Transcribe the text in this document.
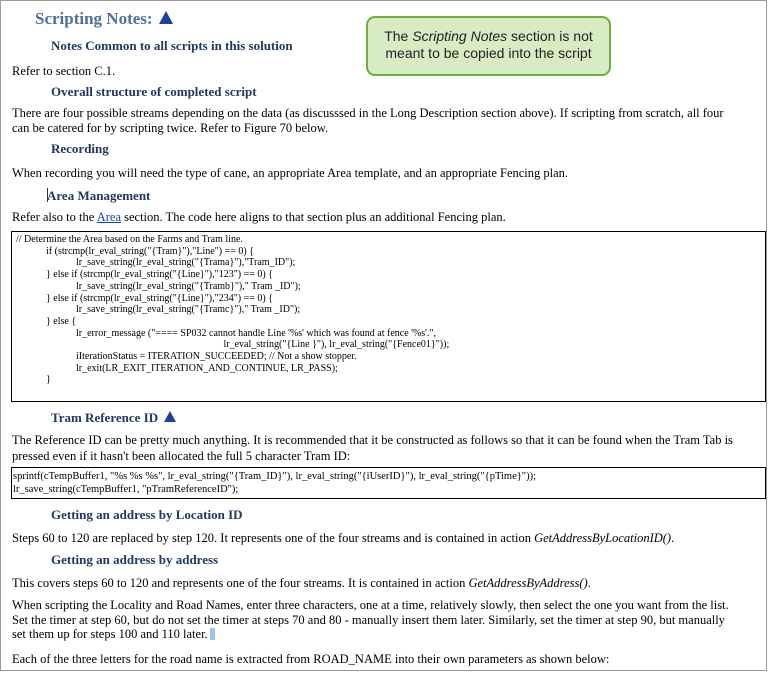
Scripting Notes:
The Scripting Notes section is not meant to be copied into the script
Notes Common to all scripts in this solution
Refer to section C.1.
Overall structure of completed script
There are four possible streams depending on the data (as discusssed in the Long Description section above). If scripting from scratch, all four
can be catered for by scripting twice. Refer to Figure 70 below.
Recording
When recording you will need the type of cane, an appropriate Area template, and an appropriate Fencing plan.
Area Management
Refer also to the Area section. The code here aligns to that section plus an additional Fencing plan.
// Determine the Area based on the Farms and Tram line.
if (strcmp(lr_eval_string("{Tram}"),"Line") == 0) {
lr_save_string(lr_eval_string("{Trama}"),"Tram_ID");
} else if (strcmp(lr_eval_string("{Line}"),"123") == 0) {
lr_save_string(lr_eval_string("{Tramb}")," Tram _ID");
} else if (strcmp(lr_eval_string("{Line}"),"234") == 0) {
lr_save_string(lr_eval_string("{Tramc}")," Tram _ID");
} else {
lr_error_message ("==== SP032 cannot handle Line '%s' which was found at fence '%s'.",
lr_eval_string("{Line }"), lr_eval_string("{Fence01}"));
iIterationStatus = ITERATION_SUCCEEDED; // Not a show stopper.
lr_exit(LR_EXIT_ITERATION_AND_CONTINUE, LR_PASS);
}
Tram Reference ID
The Reference ID can be pretty much anything. It is recommended that it be constructed as follows so that it can be found when the Tram Tab is
pressed even if it hasn't been allocated the full 5 character Tram ID:
sprintf(cTempBuffer1, "%s %s %s", lr_eval_string("{Tram_ID}"), lr_eval_string("{iUserID}"), lr_eval_string("{pTime}"));
lr_save_string(cTempBuffer1, "pTramReferenceID");
Getting an address by Location ID
Steps 60 to 120 are replaced by step 120. It represents one of the four streams and is contained in action GetAddressByLocationID().
Getting an address by address
This covers steps 60 to 120 and represents one of the four streams. It is contained in action GetAddressByAddress().
When scripting the Locality and Road Names, enter three characters, one at a time, relatively slowly, then select the one you want from the list.
Set the timer at step 60, but do not set the timer at steps 70 and 80 - manually insert them later. Similarly, set the timer at step 90, but manually
set them up for steps 100 and 110 later.
Each of the three letters for the road name is extracted from ROAD_NAME into their own parameters as shown below:
